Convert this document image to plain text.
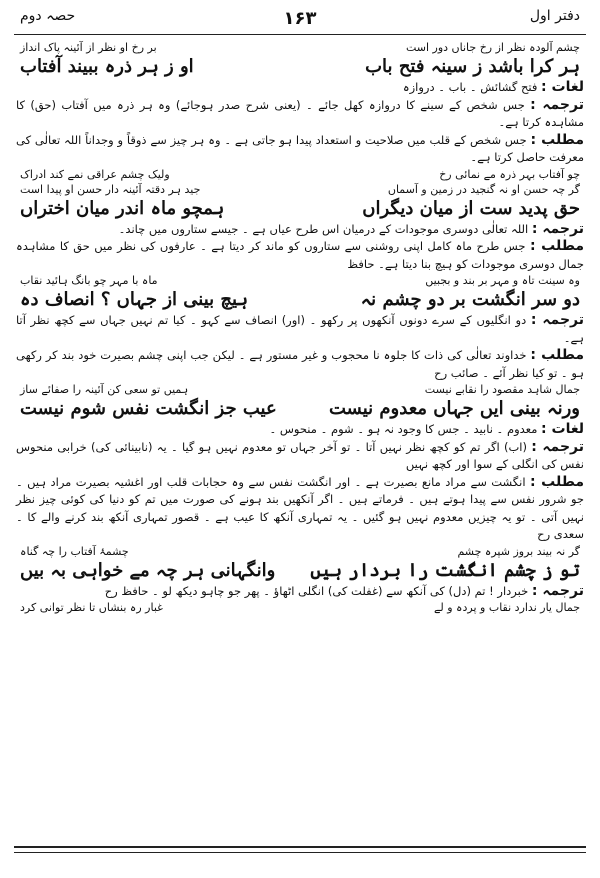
دفتر اول
۱۶۳
حصہ دوم
چشم آلودہ نظر از رخ جاناں دور است
بر رخ او نظر از آئینہ پاک انداز
ہر کرا باشد ز سینہ فتح باب
او ز ہر ذرہ ببیند آفتاب
لغات : فتح گشائش ۔ باب ۔ دروازہ
ترجمہ : جس شخص کے سینے کا دروازہ کھل جائے ۔ (یعنی شرح صدر ہوجائے) وہ ہر ذرہ میں آفتاب (حق) کا مشاہدہ کرتا ہے۔
مطلب : جس شخص کے قلب میں صلاحیت و استعداد پیدا ہو جاتی ہے ۔ وہ ہر چیز سے ذوقاً و وجداناً اللہ تعالٰی کی معرفت حاصل کرتا ہے۔
چو آفتاب بہر ذرہ مے نمائی رخ
ولیک چشم عراقی نمے کند ادراک
گر چہ حسن او نہ گنجید در زمین و آسماں
جید ہر دقتہ آئینہ دار حسن او پیدا است
حق پدید ست از میان دیگراں
ہمچو ماہ اندر میان اختراں
ترجمہ : اللہ تعالٰی دوسری موجودات کے درمیان اس طرح عیاں ہے ۔ جیسے ستاروں میں چاند۔
مطلب : جس طرح ماہ کامل اپنی روشنی سے ستاروں کو ماند کر دیتا ہے ۔ عارفوں کی نظر میں حق کا مشاہدہ جمال دوسری موجودات کو ہیچ بنا دیتا ہے۔ حافظ
وہ سینت تاہ و مہر بر بند و بجبیں
ماہ با مہر چو بانگ ہائید نقاب
دو سر انگشت بر دو چشم نہ
ہیچ بینی از جہاں ؟ انصاف دہ
ترجمہ : دو انگلیوں کے سرے دونوں آنکھوں پر رکھو ۔ (اور) انصاف سے کہو ۔ کیا تم نہیں جہاں سے کچھ نظر آتا ہے۔
مطلب : خداوند تعالٰی کی ذات کا جلوہ نا محجوب و غیر مستور ہے ۔ لیکن جب اپنی چشم بصیرت خود بند کر رکھی ہو ۔ تو کیا نظر آئے ۔ صائب رح
جمال شاہد مقصود را نقابے نیست
ہمیں تو سعی کن آئینہ را صفائے ساز
ورنہ بینی ایں جہاں معدوم نیست
عیب جز انگشت نفس شوم نیست
لغات : معدوم ۔ نابید ۔ جس کا وجود نہ ہو ۔ شوم ۔ منحوس ۔
ترجمہ : (اب) اگر تم کو کچھ نظر نہیں آتا ۔ تو آخر جہاں تو معدوم نہیں ہو گیا ۔ یہ (نابینائی کی) خرابی منحوس نفس کی انگلی کے سوا اور کچھ نہیں
مطلب : انگشت سے مراد مانع بصیرت ہے ۔ اور انگشت نفس سے وہ حجابات قلب اور اغشیہ بصیرت مراد ہیں ۔ جو شرور نفس سے پیدا ہوتے ہیں ۔ فرماتے ہیں ۔ اگر آنکھیں بند ہونے کی صورت میں تم کو دنیا کی کوئی چیز نظر نہیں آتی ۔ تو یہ چیزیں معدوم نہیں ہو گئیں ۔ یہ تمہاری آنکھ کا عیب ہے ۔ قصور تمہاری آنکھ بند کرنے والے کا ۔ سعدی رح
گر نہ بیند بروز شپرہ چشم
چشمۂ آفتاب را چہ گناہ
تو ز چشم انگشت را بردار ہیں
وانگہانی ہر چہ مے خواہی بہ بیں
ترجمہ : خبردار ! تم (دل) کی آنکھ سے (غفلت کی) انگلی اٹھاؤ ۔ پھر جو چاہو دیکھ لو ۔ حافظ رح
جمال یار ندارد نقاب و پردہ و لے
غبار رہ بنشاں تا نظر توانی کرد
